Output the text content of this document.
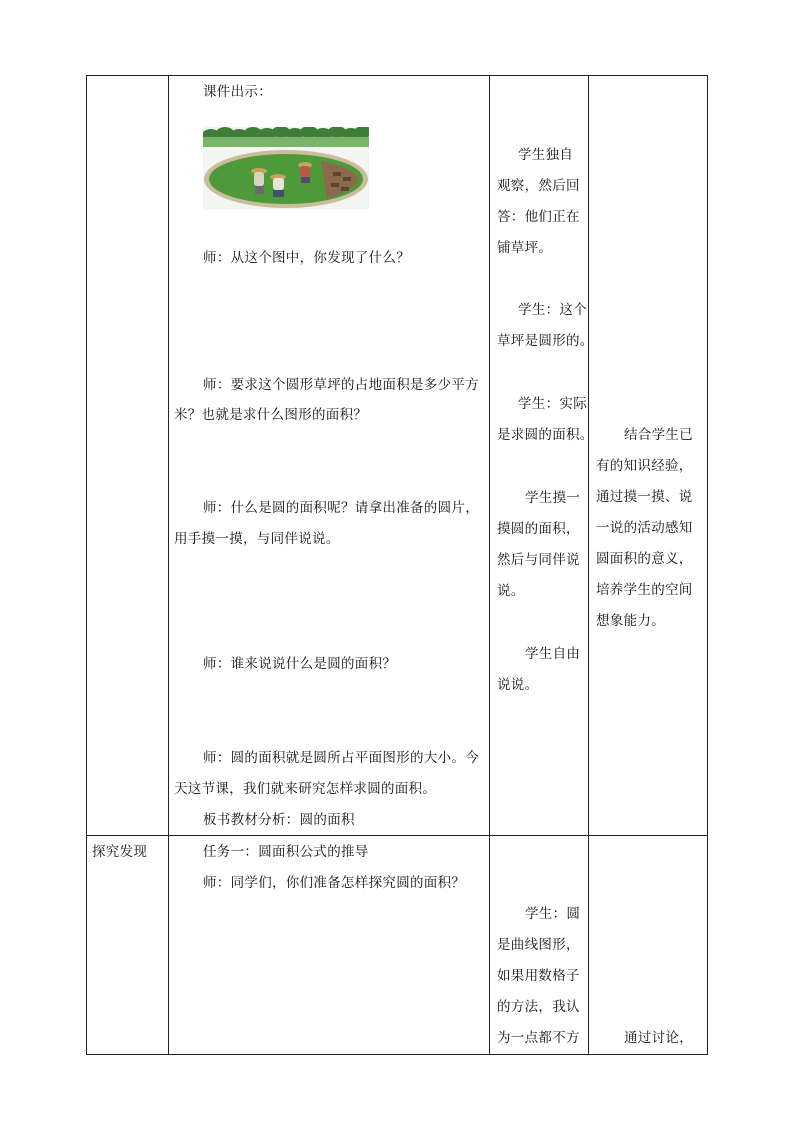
课件出示：
师：从这个图中，你发现了什么？
师：要求这个圆形草坪的占地面积是多少平方
米？也就是求什么图形的面积？
师：什么是圆的面积呢？请拿出准备的圆片，
用手摸一摸，与同伴说说。
师：谁来说说什么是圆的面积？
师：圆的面积就是圆所占平面图形的大小。今
天这节课，我们就来研究怎样求圆的面积。
板书教材分析：圆的面积
学生独自
观察，然后回
答：他们正在
铺草坪。
学生：这个
草坪是圆形的。
学生：实际
是求圆的面积。
学生摸一
摸圆的面积，
然后与同伴说
说。
学生自由
说说。
结合学生已
有的知识经验，
通过摸一摸、说
一说的活动感知
圆面积的意义，
培养学生的空间
想象能力。
探究发现	任务一：圆面积公式的推导
师：同学们，你们准备怎样探究圆的面积？
学生：圆
是曲线图形，
如果用数格子
的方法，我认
为一点都不方	通过讨论，
